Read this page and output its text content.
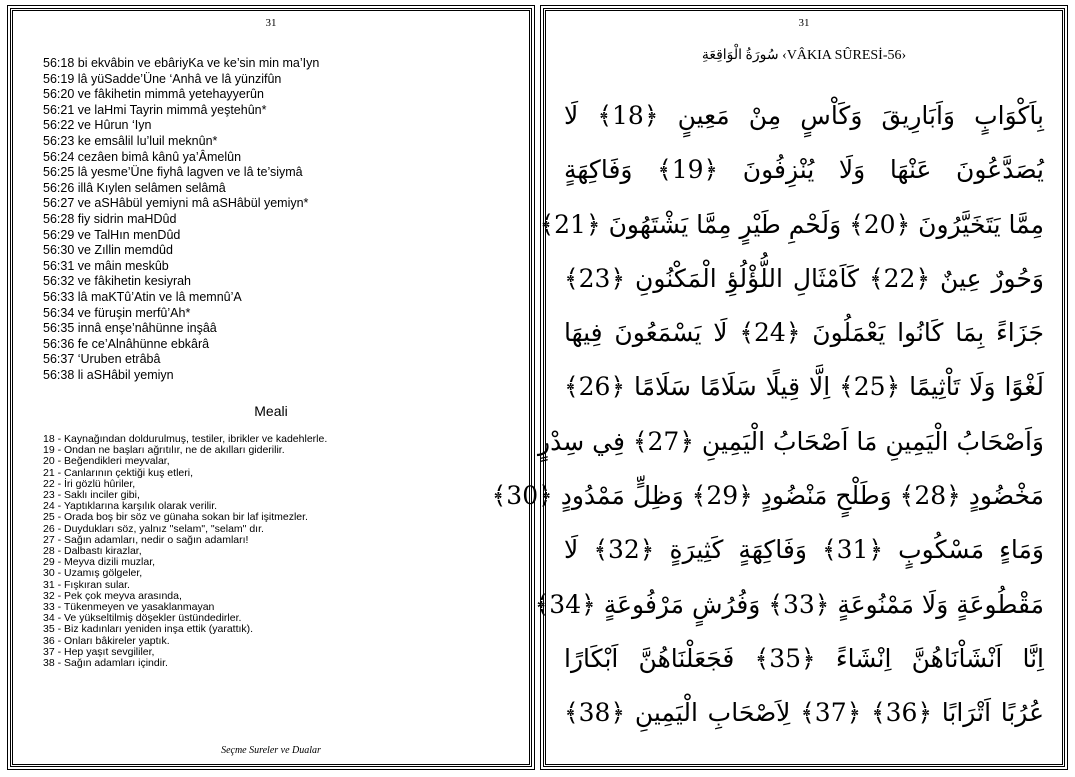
31
56:18 bi ekvâbin ve ebâriyKa ve ke’sin min ma’Iyn
56:19 lâ yüSadde’Üne ‘Anhâ ve lâ yünzifûn
56:20 ve fâkihetin mimmâ yetehayyerûn
56:21 ve laHmi Tayrin mimmâ yeştehûn*
56:22 ve Hûrun ‘Iyn
56:23 ke emsâlil lu’luil meknûn*
56:24 cezâen bimâ kânû ya’Âmelûn
56:25 lâ yesme’Üne fiyhâ lagven ve lâ te’siymâ
56:26 illâ Kıylen selâmen selâmâ
56:27 ve aSHâbül yemiyni mâ aSHâbül yemiyn*
56:28 fiy sidrin maHDûd
56:29 ve TalHın menDûd
56:30 ve Zıllin memdûd
56:31 ve mâin meskûb
56:32 ve fâkihetin kesiyrah
56:33 lâ maKTû’Atin ve lâ memnû’A
56:34 ve füruşin merfû’Ah*
56:35 innâ enşe’nâhünne inşââ
56:36 fe ce’Alnâhünne ebkârâ
56:37 ‘Uruben etrâbâ
56:38 li aSHâbil yemiyn
Meali
18 - Kaynağından doldurulmuş, testiler, ibrikler ve kadehlerle.
19 - Ondan ne başları ağrıtılır, ne de akılları giderilir.
20 - Beğendikleri meyvalar,
21 - Canlarının çektiği kuş etleri,
22 - İri gözlü hûriler,
23 - Saklı inciler gibi,
24 - Yaptıklarına karşılık olarak verilir.
25 - Orada boş bir söz ve günaha sokan bir laf işitmezler.
26 - Duydukları söz, yalnız "selam", "selam" dır.
27 - Sağın adamları, nedir o sağın adamları!
28 - Dalbastı kirazlar,
29 - Meyva dizili muzlar,
30 - Uzamış gölgeler,
31 - Fışkıran sular.
32 - Pek çok meyva arasında,
33 - Tükenmeyen ve yasaklanmayan
34 - Ve yükseltilmiş döşekler üstündedirler.
35 - Biz kadınları yeniden inşa ettik (yarattık).
36 - Onları bâkireler yaptık.
37 - Hep yaşıt sevgililer,
38 - Sağın adamları içindir.
Seçme Sureler ve Dualar
31
سُورَةُ الْوَاقِعَةِ ‹VÂKIA SÛRESİ-56›
بِاَكْوَابٍ وَاَبَارِيقَ وَكَاْسٍ مِنْ مَعِينٍ ﴿18﴾ لَا
يُصَدَّعُونَ عَنْهَا وَلَا يُنْزِفُونَ ﴿19﴾ وَفَاكِهَةٍ
مِمَّا يَتَخَيَّرُونَ ﴿20﴾ وَلَحْمِ طَيْرٍ مِمَّا يَشْتَهُونَ ﴿21﴾
وَحُورٌ عِينٌ ﴿22﴾ كَاَمْثَالِ اللُّؤْلُؤِ الْمَكْنُونِ ﴿23﴾
جَزَاءً بِمَا كَانُوا يَعْمَلُونَ ﴿24﴾ لَا يَسْمَعُونَ فِيهَا
لَغْوًا وَلَا تَاْثِيمًا ﴿25﴾ اِلَّا قِيلًا سَلَامًا سَلَامًا ﴿26﴾
وَاَصْحَابُ الْيَمِينِ مَا اَصْحَابُ الْيَمِينِ ﴿27﴾ فِي سِدْرٍ
مَخْضُودٍ ﴿28﴾ وَطَلْحٍ مَنْضُودٍ ﴿29﴾ وَظِلٍّ مَمْدُودٍ ﴿30﴾
وَمَاءٍ مَسْكُوبٍ ﴿31﴾ وَفَاكِهَةٍ كَثِيرَةٍ ﴿32﴾ لَا
مَقْطُوعَةٍ وَلَا مَمْنُوعَةٍ ﴿33﴾ وَفُرُشٍ مَرْفُوعَةٍ ﴿34﴾
اِنَّا اَنْشَاْنَاهُنَّ اِنْشَاءً ﴿35﴾ فَجَعَلْنَاهُنَّ اَبْكَارًا
عُرُبًا اَتْرَابًا ﴿36﴾ ﴿37﴾ لِاَصْحَابِ الْيَمِينِ ﴿38﴾
